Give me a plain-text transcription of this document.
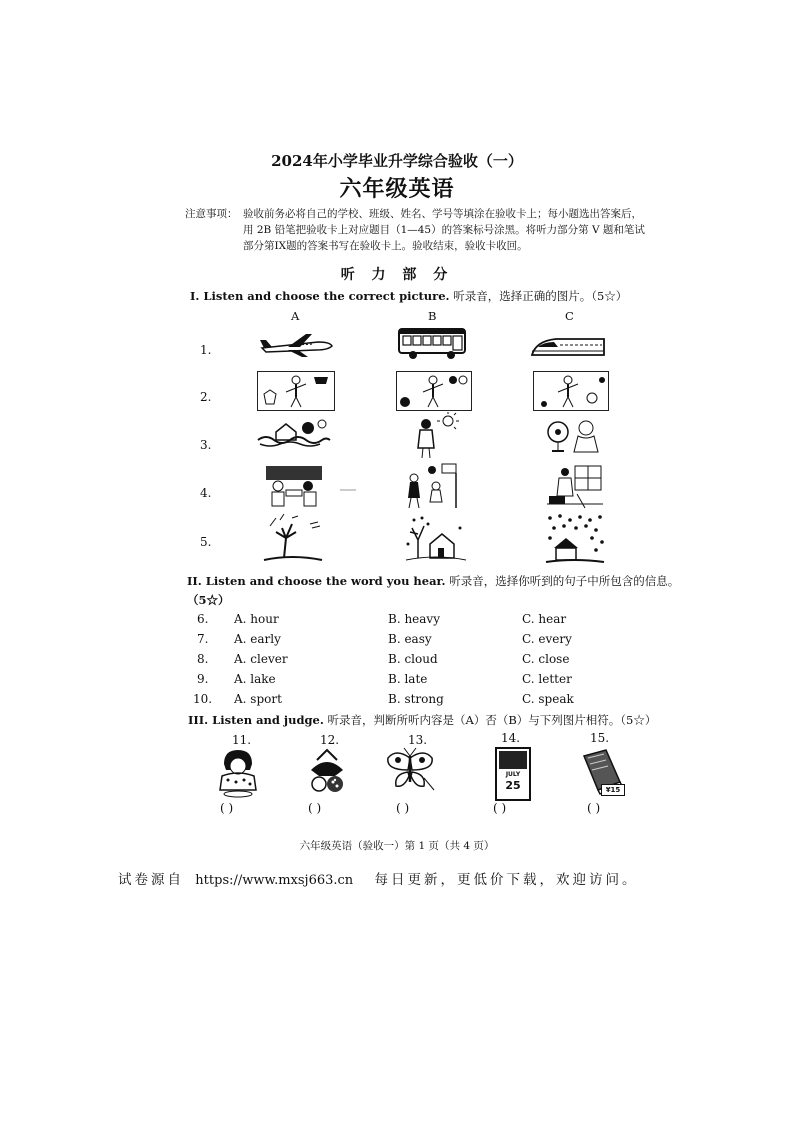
2024年小学毕业升学综合验收（一）
六年级英语
注意事项： 验收前务必将自己的学校、班级、姓名、学号等填涂在验收卡上；每小题选出答案后，用 2B 铅笔把验收卡上对应题目（1—45）的答案标号涂黑。将听力部分第 V 题和笔试部分第IX题的答案书写在验收卡上。验收结束，验收卡收回。
听 力 部 分
I. Listen and choose the correct picture. 听录音，选择正确的图片。（5☆）
A	B	C
1.
2.
3.
4.
5.
II. Listen and choose the word you hear. 听录音，选择你听到的句子中所包含的信息。
（5☆）
6. A. hour	B. heavy	C. hear
7. A. early	B. easy	C. every
8. A. clever	B. cloud	C. close
9. A. lake	B. late	C. letter
10. A. sport	B. strong	C. speak
III. Listen and judge. 听录音，判断所听内容是（A）否（B）与下列图片相符。（5☆）
11.	12.	13.	14.	15.
JULY
25	¥15
( )	( )	( )	( )	( )
六年级英语（验收一）第 1 页（共 4 页）
试卷源自 https://www.mxsj663.cn 每日更新，更低价下载，欢迎访问。
